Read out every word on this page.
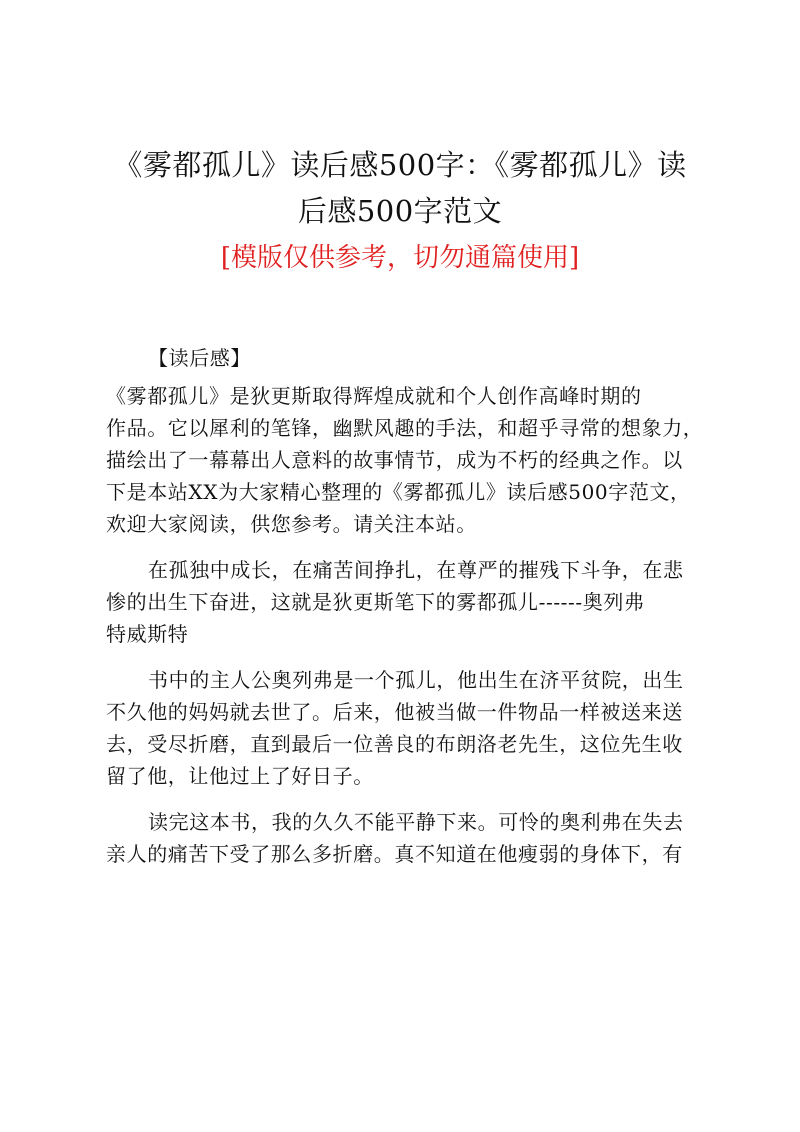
《雾都孤儿》读后感500字：《雾都孤儿》读
后感500字范文

[模版仅供参考，切勿通篇使用]

【读后感】

《雾都孤儿》是狄更斯取得辉煌成就和个人创作高峰时期的
作品。它以犀利的笔锋，幽默风趣的手法，和超乎寻常的想象力，
描绘出了一幕幕出人意料的故事情节，成为不朽的经典之作。以
下是本站XX为大家精心整理的《雾都孤儿》读后感500字范文，
欢迎大家阅读，供您参考。请关注本站。

在孤独中成长，在痛苦间挣扎，在尊严的摧残下斗争，在悲
惨的出生下奋进，这就是狄更斯笔下的雾都孤儿------奥列弗
特威斯特

书中的主人公奥列弗是一个孤儿，他出生在济平贫院，出生
不久他的妈妈就去世了。后来，他被当做一件物品一样被送来送
去，受尽折磨，直到最后一位善良的布朗洛老先生，这位先生收
留了他，让他过上了好日子。

读完这本书，我的久久不能平静下来。可怜的奥利弗在失去
亲人的痛苦下受了那么多折磨。真不知道在他瘦弱的身体下，有
